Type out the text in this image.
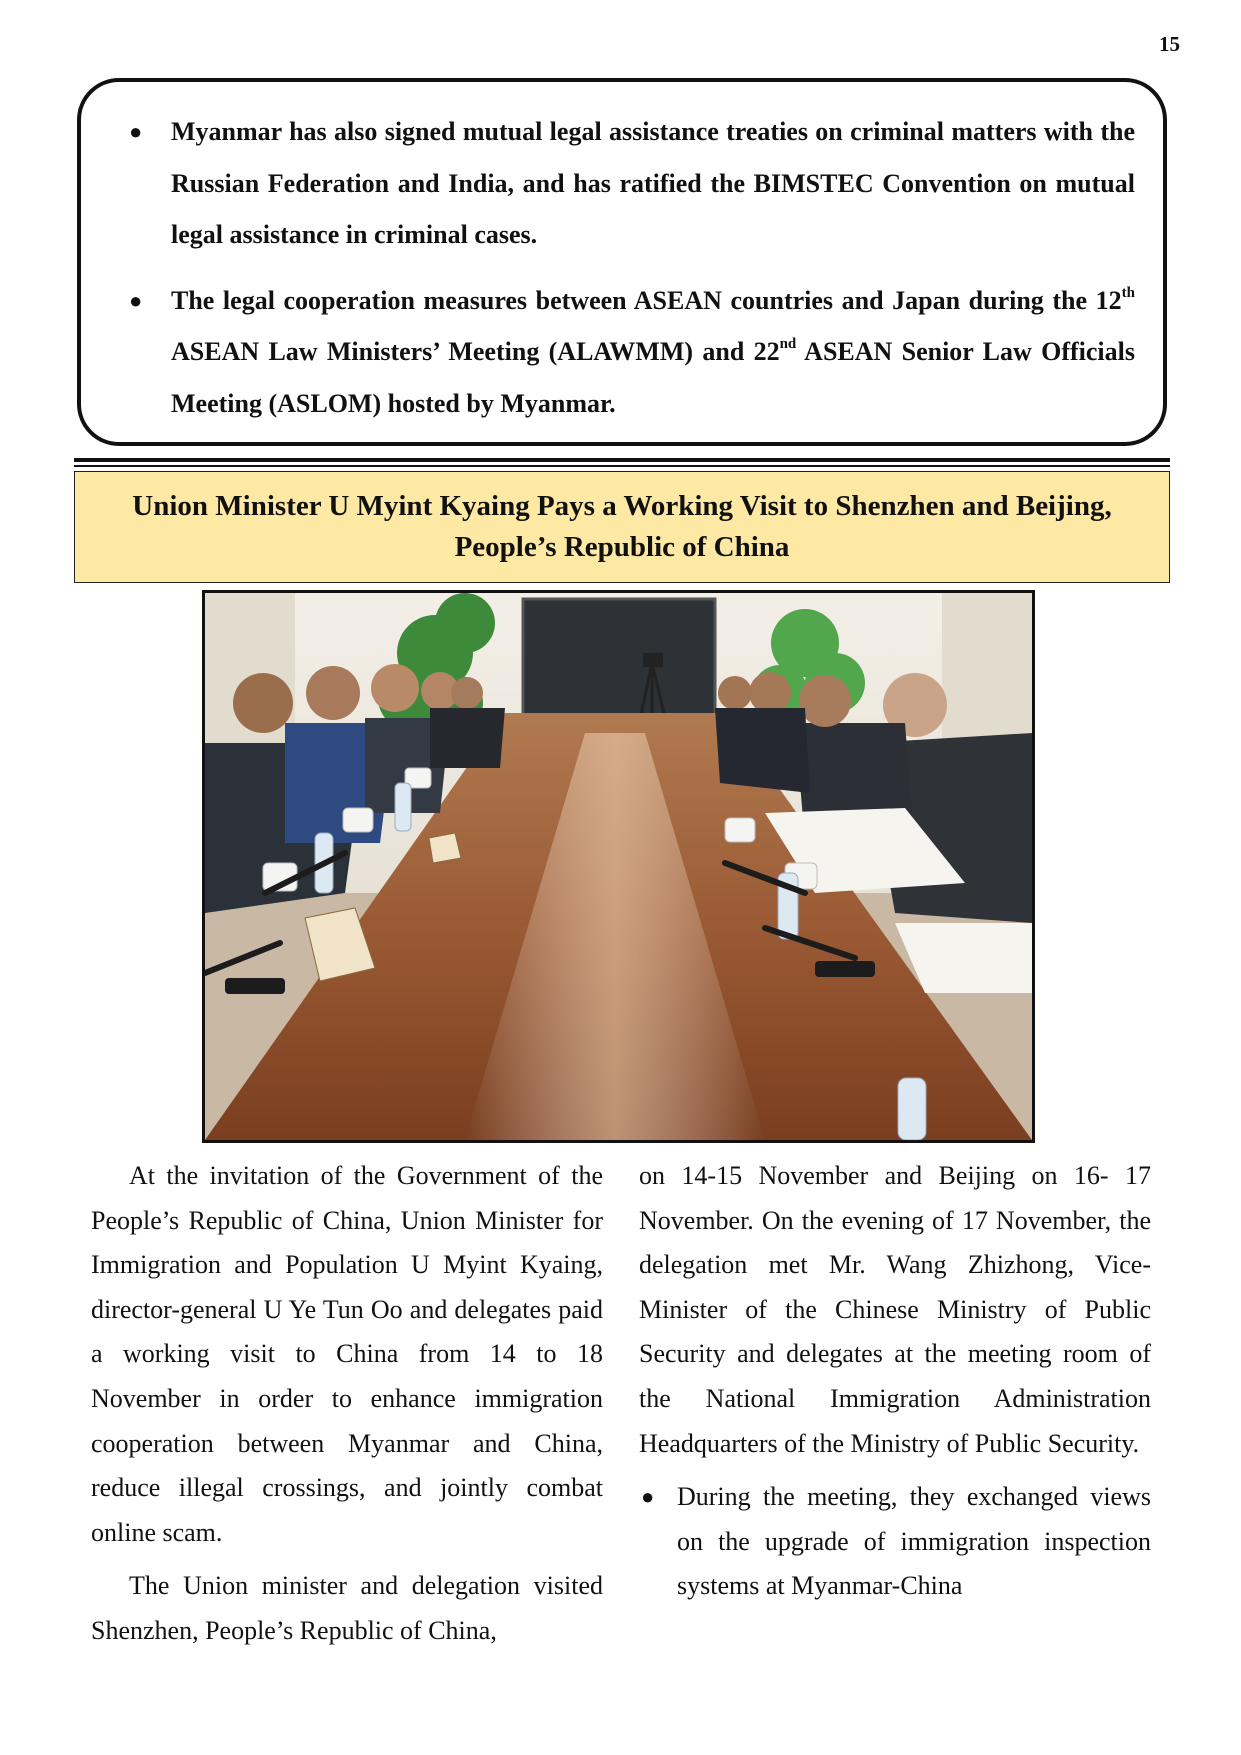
15
● Myanmar has also signed mutual legal assistance treaties on criminal matters with the Russian Federation and India, and has ratified the BIMSTEC Convention on mutual legal assistance in criminal cases.
● The legal cooperation measures between ASEAN countries and Japan during the 12th ASEAN Law Ministers’ Meeting (ALAWMM) and 22nd ASEAN Senior Law Officials Meeting (ASLOM) hosted by Myanmar.
Union Minister U Myint Kyaing Pays a Working Visit to Shenzhen and Beijing, People’s Republic of China

At the invitation of the Government of the People’s Republic of China, Union Minister for Immigration and Population U Myint Kyaing, director-general U Ye Tun Oo and delegates paid a working visit to China from 14 to 18 November in order to enhance immigration cooperation between Myanmar and China, reduce illegal crossings, and jointly combat online scam.

The Union minister and delegation visited Shenzhen, People’s Republic of China,

on 14-15 November and Beijing on 16- 17 November. On the evening of 17 November, the delegation met Mr. Wang Zhizhong, Vice-Minister of the Chinese Ministry of Public Security and delegates at the meeting room of the National Immigration Administration Headquarters of the Ministry of Public Security.

● During the meeting, they exchanged views on the upgrade of immigration inspection systems at Myanmar-China
